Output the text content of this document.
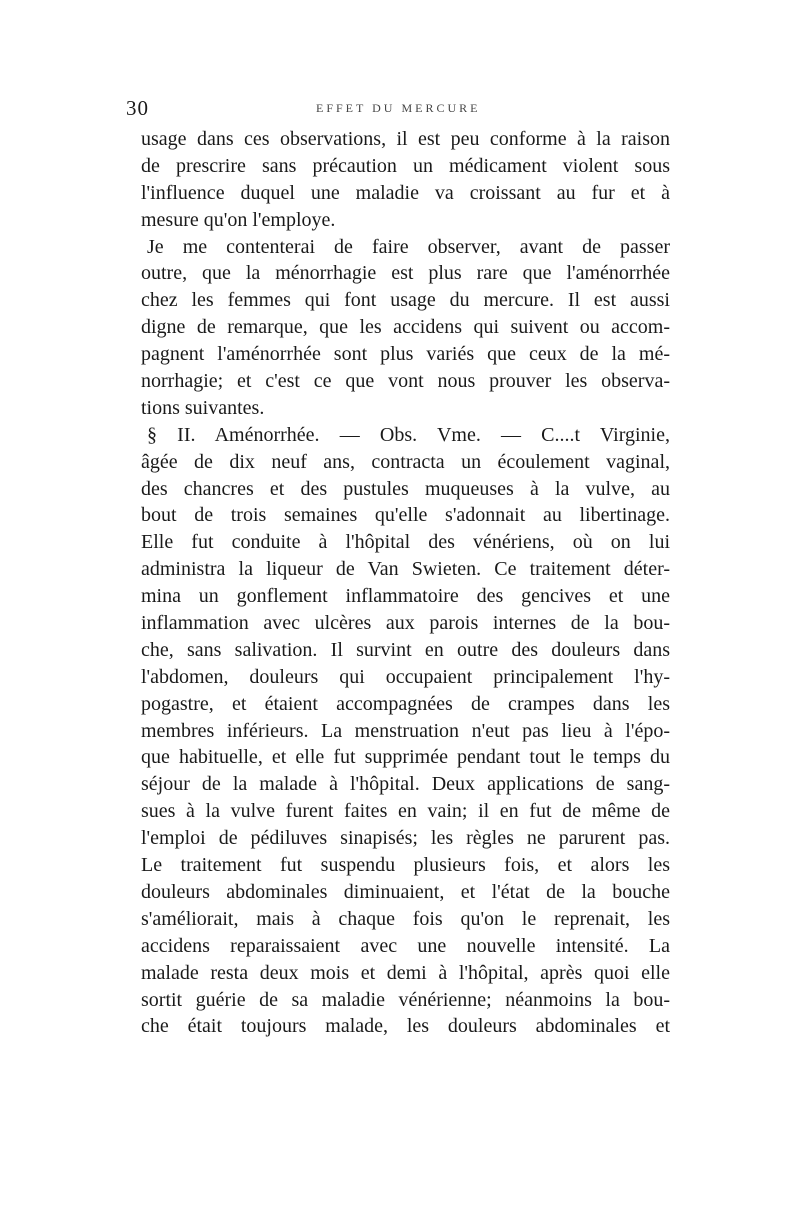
30	EFFET DU MERCURE
usage dans ces observations, il est peu conforme à la raison
de prescrire sans précaution un médicament violent sous
l'influence duquel une maladie va croissant au fur et à
mesure qu'on l'employe.
Je me contenterai de faire observer, avant de passer
outre, que la ménorrhagie est plus rare que l'aménorrhée
chez les femmes qui font usage du mercure. Il est aussi
digne de remarque, que les accidens qui suivent ou accom-
pagnent l'aménorrhée sont plus variés que ceux de la mé-
norrhagie; et c'est ce que vont nous prouver les observa-
tions suivantes.
§ II. Aménorrhée. — Obs. Vme. — C....t Virginie,
âgée de dix neuf ans, contracta un écoulement vaginal,
des chancres et des pustules muqueuses à la vulve, au
bout de trois semaines qu'elle s'adonnait au libertinage.
Elle fut conduite à l'hôpital des vénériens, où on lui
administra la liqueur de Van Swieten. Ce traitement déter-
mina un gonflement inflammatoire des gencives et une
inflammation avec ulcères aux parois internes de la bou-
che, sans salivation. Il survint en outre des douleurs dans
l'abdomen, douleurs qui occupaient principalement l'hy-
pogastre, et étaient accompagnées de crampes dans les
membres inférieurs. La menstruation n'eut pas lieu à l'épo-
que habituelle, et elle fut supprimée pendant tout le temps du
séjour de la malade à l'hôpital. Deux applications de sang-
sues à la vulve furent faites en vain; il en fut de même de
l'emploi de pédiluves sinapisés; les règles ne parurent pas.
Le traitement fut suspendu plusieurs fois, et alors les
douleurs abdominales diminuaient, et l'état de la bouche
s'améliorait, mais à chaque fois qu'on le reprenait, les
accidens reparaissaient avec une nouvelle intensité. La
malade resta deux mois et demi à l'hôpital, après quoi elle
sortit guérie de sa maladie vénérienne; néanmoins la bou-
che était toujours malade, les douleurs abdominales et
